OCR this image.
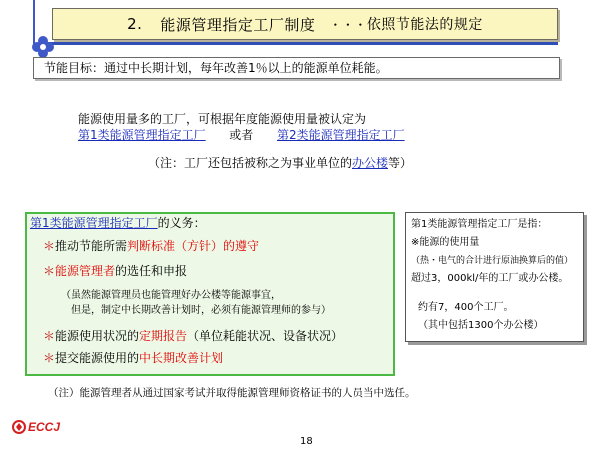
2. 能源管理指定工厂制度 ・・・ 依照节能法的规定
节能目标：通过中长期计划，每年改善1％以上的能源单位耗能。
能源使用量多的工厂，可根据年度能源使用量被认定为
第1类能源管理指定工厂 或者 第2类能源管理指定工厂
（注：工厂还包括被称之为事业单位的办公楼等）
第1类能源管理指定工厂的义务：
＊推动节能所需判断标准（方针）的遵守
＊能源管理者的选任和申报
（虽然能源管理员也能管理好办公楼等能源事宜，
但是，制定中长期改善计划时，必须有能源管理师的参与）
＊能源使用状况的定期报告（单位耗能状况、设备状况）
＊提交能源使用的中长期改善计划
第1类能源管理指定工厂是指：
※能源的使用量
（热・电气的合计进行原油换算后的值）
超过3，000kl/年的工厂或办公楼。
约有7，400个工厂。
（其中包括1300个办公楼）
（注）能源管理者从通过国家考试并取得能源管理师资格证书的人员当中选任。
ECCJ
18
